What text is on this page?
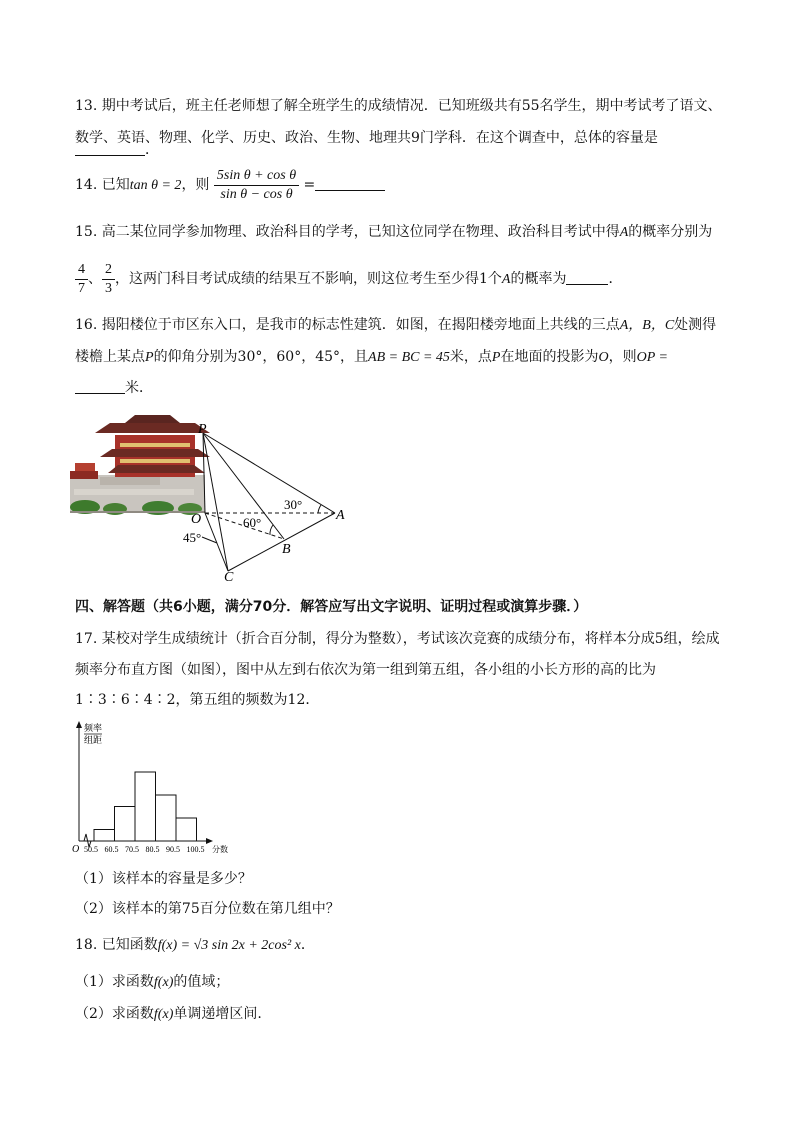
13. 期中考试后，班主任老师想了解全班学生的成绩情况．已知班级共有55名学生，期中考试考了语文、
数学、英语、物理、化学、历史、政治、生物、地理共9门学科．在这个调查中，总体的容量是
．
14. 已知tan θ = 2，则 $\frac{\text{5sin θ + cos θ}}{\text{sin θ − cos θ}}$ =
15. 高二某位同学参加物理、政治科目的学考，已知这位同学在物理、政治科目考试中得A的概率分别为
$\frac{4}{7}$ 、 $\frac{2}{3}$ ，这两门科目考试成绩的结果互不影响，则这位考生至少得1个A的概率为	．
16. 揭阳楼位于市区东入口，是我市的标志性建筑．如图，在揭阳楼旁地面上共线的三点A，B，C处测得
楼檐上某点P的仰角分别为30°，60°，45°，且AB = BC = 45米，点P在地面的投影为O，则OP =
米．
P
O	A
B
C
30°
60°
45°
四、解答题（共6小题，满分70分．解答应写出文字说明、证明过程或演算步骤．）
17. 某校对学生成绩统计（折合百分制，得分为整数），考试该次竞赛的成绩分布，将样本分成5组，绘成
频率分布直方图（如图），图中从左到右依次为第一组到第五组，各小组的小长方形的高的比为
1∶3∶6∶4∶2，第五组的频数为12．
频率
组距
O 50.5 60.5 70.5 80.5 90.5 100.5 分数
（1）该样本的容量是多少？
（2）该样本的第75百分位数在第几组中？
18. 已知函数f(x) = √3 sin 2x + 2cos² x．
（1）求函数f(x)的值域；
（2）求函数f(x)单调递增区间.
